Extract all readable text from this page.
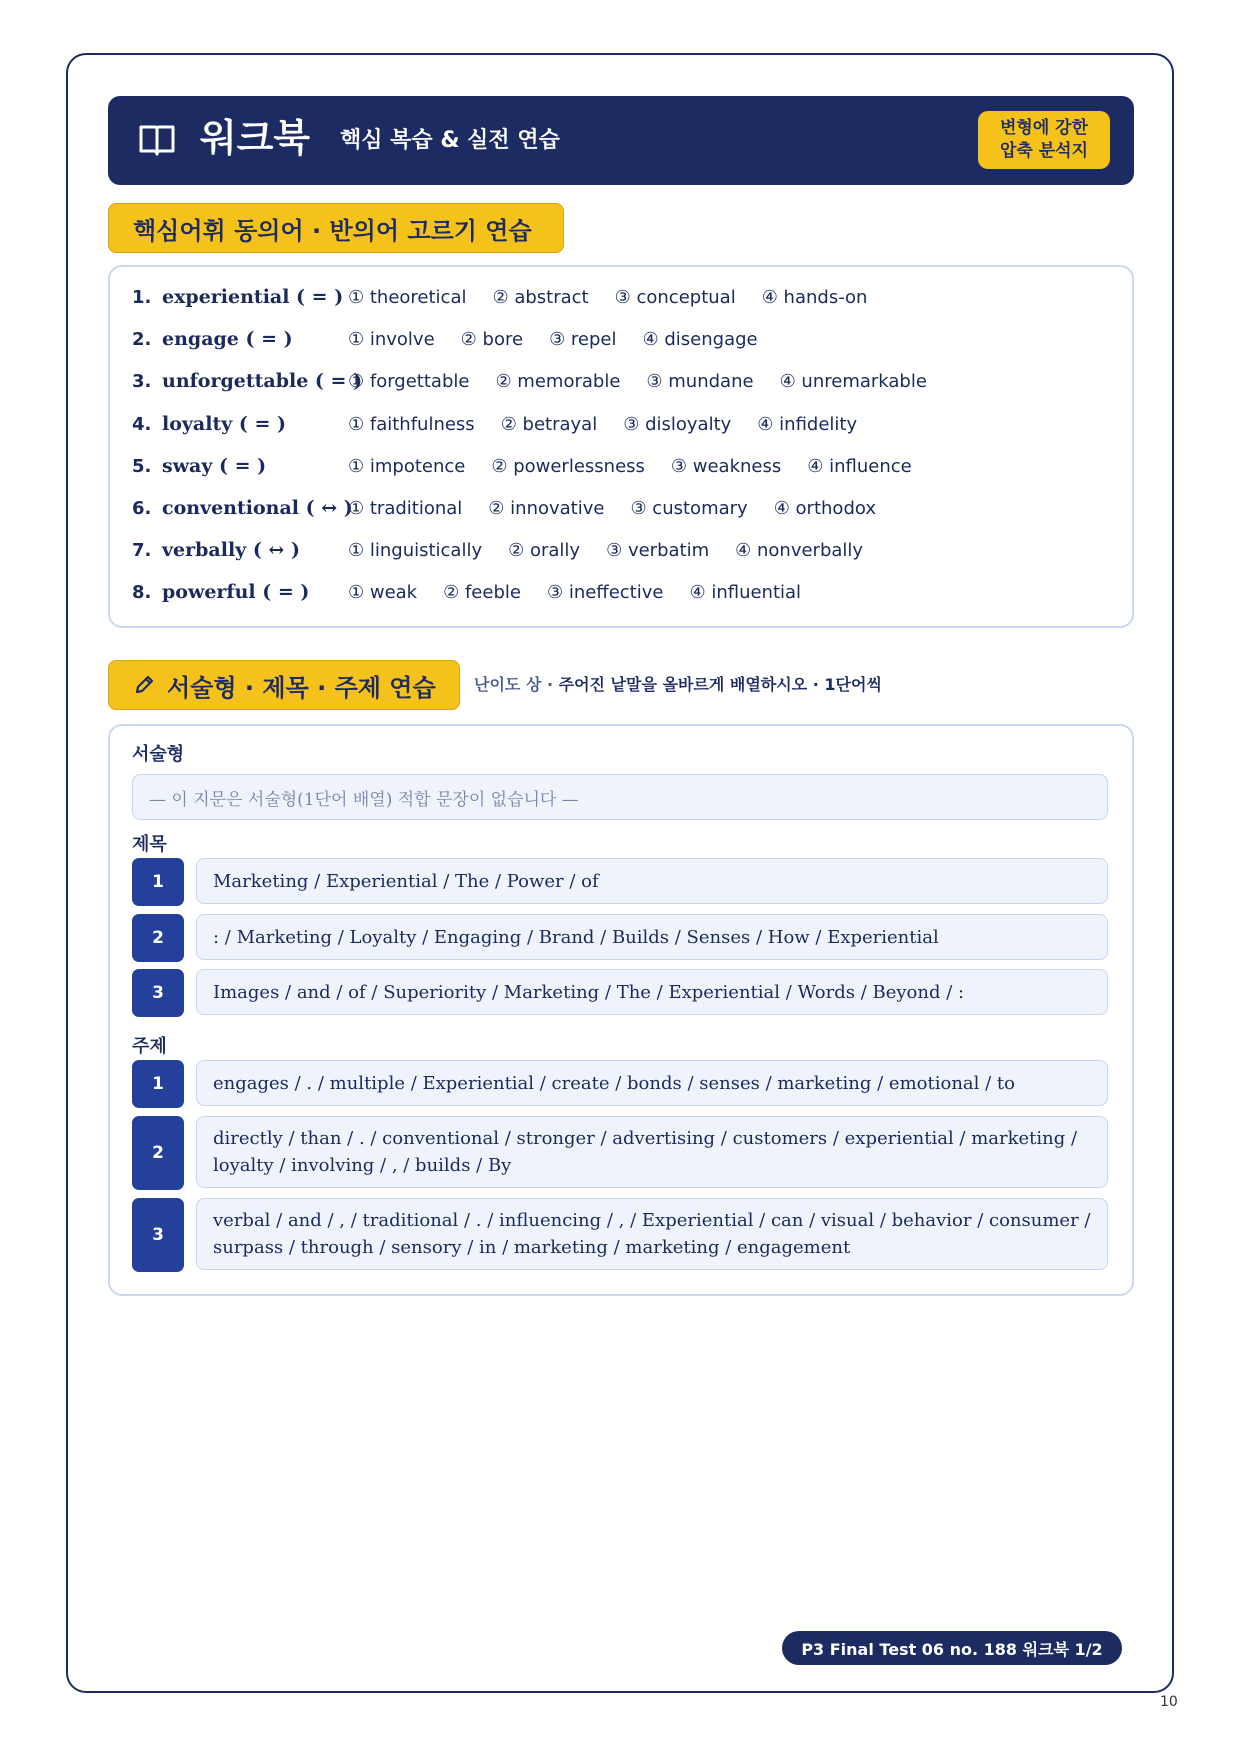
워크북 핵심 복습 & 실전 연습	변형에 강한
압축 분석지
핵심어휘 동의어 · 반의어 고르기 연습
1. experiential ( = ) ① theoretical ② abstract ③ conceptual ④ hands-on
2. engage ( = )	① involve ② bore ③ repel ④ disengage
3. unforgettable ( = )
① forgettable ② memorable ③ mundane ④ unremarkable
4. loyalty ( = )	① faithfulness ② betrayal ③ disloyalty ④ infidelity
5. sway ( = )	① impotence ② powerlessness ③ weakness ④ influence
6. conventional ( ↔ )
① traditional ② innovative ③ customary ④ orthodox
7. verbally ( ↔ )	① linguistically ② orally ③ verbatim ④ nonverbally
8. powerful ( = )	① weak ② feeble ③ ineffective ④ influential
서술형 · 제목 · 주제 연습 난이도 상 · 주어진 낱말을 올바르게 배열하시오 · 1단어씩
서술형
— 이 지문은 서술형(1단어 배열) 적합 문장이 없습니다 —
제목
1	Marketing / Experiential / The / Power / of
2	: / Marketing / Loyalty / Engaging / Brand / Builds / Senses / How / Experiential
3	Images / and / of / Superiority / Marketing / The / Experiential / Words / Beyond / :
주제
1	engages / . / multiple / Experiential / create / bonds / senses / marketing / emotional / to
2
directly / than / . / conventional / stronger / advertising / customers / experiential / marketing / loyalty / involving / , / builds / By
3
verbal / and / , / traditional / . / influencing / , / Experiential / can / visual / behavior / consumer / surpass / through / sensory / in / marketing / marketing / engagement
P3 Final Test 06 no. 188 워크북 1/2
10
